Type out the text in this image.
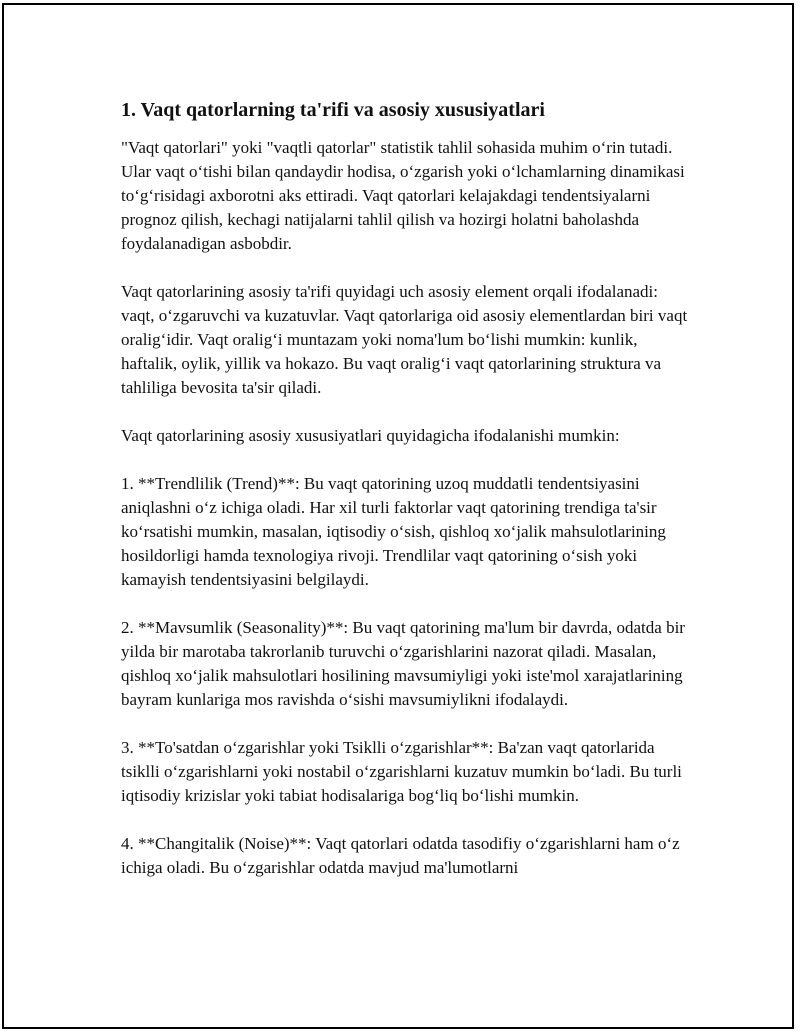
1. Vaqt qatorlarning ta'rifi va asosiy xususiyatlari

"Vaqt qatorlari" yoki "vaqtli qatorlar" statistik tahlil sohasida muhim oʻrin tutadi. Ular vaqt oʻtishi bilan qandaydir hodisa, oʻzgarish yoki oʻlchamlarning dinamikasi toʻgʻrisidagi axborotni aks ettiradi. Vaqt qatorlari kelajakdagi tendentsiyalarni prognoz qilish, kechagi natijalarni tahlil qilish va hozirgi holatni baholashda foydalanadigan asbobdir.

Vaqt qatorlarining asosiy ta'rifi quyidagi uch asosiy element orqali ifodalanadi: vaqt, oʻzgaruvchi va kuzatuvlar. Vaqt qatorlariga oid asosiy elementlardan biri vaqt oraligʻidir. Vaqt oraligʻi muntazam yoki noma'lum boʻlishi mumkin: kunlik, haftalik, oylik, yillik va hokazo. Bu vaqt oraligʻi vaqt qatorlarining struktura va tahliliga bevosita ta'sir qiladi.

Vaqt qatorlarining asosiy xususiyatlari quyidagicha ifodalanishi mumkin:

1. **Trendlilik (Trend)**: Bu vaqt qatorining uzoq muddatli tendentsiyasini aniqlashni oʻz ichiga oladi. Har xil turli faktorlar vaqt qatorining trendiga ta'sir koʻrsatishi mumkin, masalan, iqtisodiy oʻsish, qishloq xoʻjalik mahsulotlarining hosildorligi hamda texnologiya rivoji. Trendlilar vaqt qatorining oʻsish yoki kamayish tendentsiyasini belgilaydi.

2. **Mavsumlik (Seasonality)**: Bu vaqt qatorining ma'lum bir davrda, odatda bir yilda bir marotaba takrorlanib turuvchi oʻzgarishlarini nazorat qiladi. Masalan, qishloq xoʻjalik mahsulotlari hosilining mavsumiyligi yoki iste'mol xarajatlarining bayram kunlariga mos ravishda oʻsishi mavsumiylikni ifodalaydi.

3. **To'satdan oʻzgarishlar yoki Tsiklli oʻzgarishlar**: Ba'zan vaqt qatorlarida tsiklli oʻzgarishlarni yoki nostabil oʻzgarishlarni kuzatuv mumkin boʻladi. Bu turli iqtisodiy krizislar yoki tabiat hodisalariga bogʻliq boʻlishi mumkin.

4. **Changitalik (Noise)**: Vaqt qatorlari odatda tasodifiy oʻzgarishlarni ham oʻz ichiga oladi. Bu oʻzgarishlar odatda mavjud ma'lumotlarni
